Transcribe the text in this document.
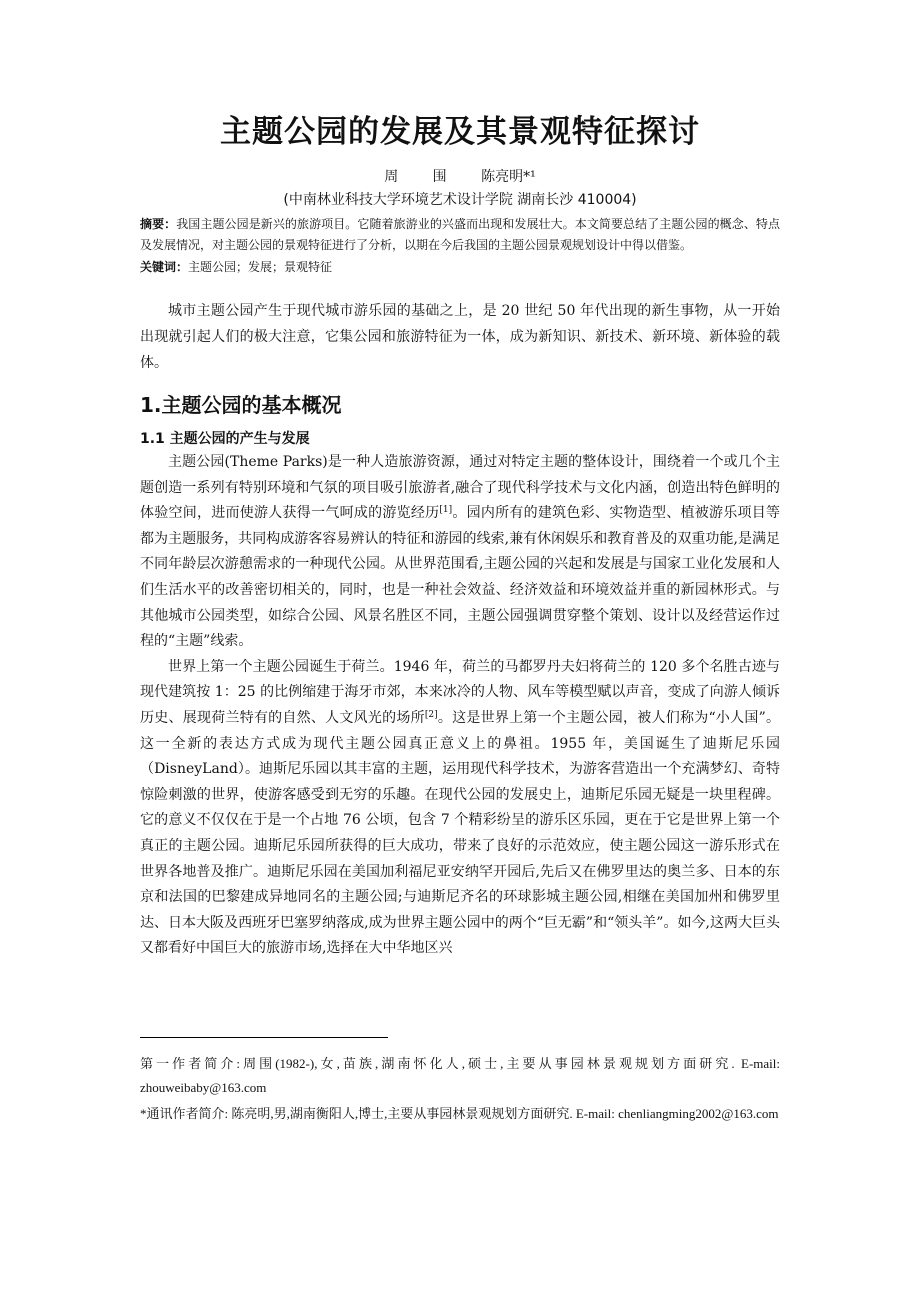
主题公园的发展及其景观特征探讨
周 围 陈亮明*¹
(中南林业科技大学环境艺术设计学院 湖南长沙 410004)
摘要：我国主题公园是新兴的旅游项目。它随着旅游业的兴盛而出现和发展壮大。本文简要总结了主题公园的概念、特点及发展情况，对主题公园的景观特征进行了分析，以期在今后我国的主题公园景观规划设计中得以借鉴。
关键词：主题公园；发展；景观特征

城市主题公园产生于现代城市游乐园的基础之上，是 20 世纪 50 年代出现的新生事物，从一开始出现就引起人们的极大注意，它集公园和旅游特征为一体，成为新知识、新技术、新环境、新体验的载体。

1.主题公园的基本概况
1.1 主题公园的产生与发展

主题公园(Theme Parks)是一种人造旅游资源，通过对特定主题的整体设计，围绕着一个或几个主题创造一系列有特别环境和气氛的项目吸引旅游者,融合了现代科学技术与文化内涵，创造出特色鲜明的体验空间，进而使游人获得一气呵成的游览经历[1]。园内所有的建筑色彩、实物造型、植被游乐项目等都为主题服务，共同构成游客容易辨认的特征和游园的线索,兼有休闲娱乐和教育普及的双重功能,是满足不同年龄层次游憩需求的一种现代公园。从世界范围看,主题公园的兴起和发展是与国家工业化发展和人们生活水平的改善密切相关的，同时，也是一种社会效益、经济效益和环境效益并重的新园林形式。与其他城市公园类型，如综合公园、风景名胜区不同，主题公园强调贯穿整个策划、设计以及经营运作过程的“主题”线索。

世界上第一个主题公园诞生于荷兰。1946 年，荷兰的马都罗丹夫妇将荷兰的 120 多个名胜古迹与现代建筑按 1：25 的比例缩建于海牙市郊，本来冰冷的人物、风车等模型赋以声音，变成了向游人倾诉历史、展现荷兰特有的自然、人文风光的场所[2]。这是世界上第一个主题公园，被人们称为“小人国”。这一全新的表达方式成为现代主题公园真正意义上的鼻祖。1955 年，美国诞生了迪斯尼乐园（DisneyLand）。迪斯尼乐园以其丰富的主题，运用现代科学技术，为游客营造出一个充满梦幻、奇特惊险刺激的世界，使游客感受到无穷的乐趣。在现代公园的发展史上，迪斯尼乐园无疑是一块里程碑。它的意义不仅仅在于是一个占地 76 公顷，包含 7 个精彩纷呈的游乐区乐园，更在于它是世界上第一个真正的主题公园。迪斯尼乐园所获得的巨大成功，带来了良好的示范效应，使主题公园这一游乐形式在世界各地普及推广。迪斯尼乐园在美国加利福尼亚安纳罕开园后,先后又在佛罗里达的奥兰多、日本的东京和法国的巴黎建成异地同名的主题公园;与迪斯尼齐名的环球影城主题公园,相继在美国加州和佛罗里达、日本大阪及西班牙巴塞罗纳落成,成为世界主题公园中的两个“巨无霸”和“领头羊”。如今,这两大巨头又都看好中国巨大的旅游市场,选择在大中华地区兴

第一作者简介:周围(1982-),女,苗族,湖南怀化人,硕士,主要从事园林景观规划方面研究. E-mail: zhouweibaby@163.com

*通讯作者简介: 陈亮明,男,湖南衡阳人,博士,主要从事园林景观规划方面研究. E-mail: chenliangming2002@163.com
